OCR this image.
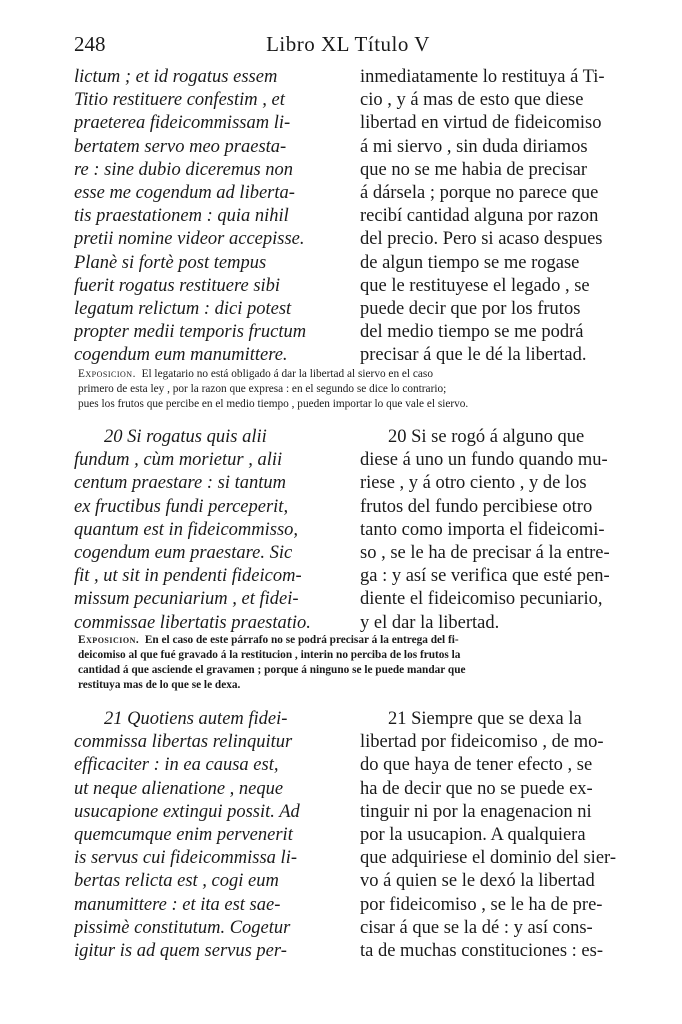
248	Libro XL Título V
lictum ; et id rogatus essem
Titio restituere confestim , et
praeterea fideicommissam li-
bertatem servo meo praesta-
re : sine dubio diceremus non
esse me cogendum ad liberta-
tis praestationem : quia nihil
pretii nomine videor accepisse.
Planè si fortè post tempus
fuerit rogatus restituere sibi
legatum relictum : dici potest
propter medii temporis fructum
cogendum eum manumittere.
inmediatamente lo restituya á Ti-
cio , y á mas de esto que diese
libertad en virtud de fideicomiso
á mi siervo , sin duda diriamos
que no se me habia de precisar
á dársela ; porque no parece que
recibí cantidad alguna por razon
del precio. Pero si acaso despues
de algun tiempo se me rogase
que le restituyese el legado , se
puede decir que por los frutos
del medio tiempo se me podrá
precisar á que le dé la libertad.
Exposicion. El legatario no está obligado á dar la libertad al siervo en el caso
primero de esta ley , por la razon que expresa : en el segundo se dice lo contrario;
pues los frutos que percibe en el medio tiempo , pueden importar lo que vale el siervo.
20 Si rogatus quis alii
fundum , cùm morietur , alii
centum praestare : si tantum
ex fructibus fundi perceperit,
quantum est in fideicommisso,
cogendum eum praestare. Sic
fit , ut sit in pendenti fideicom-
missum pecuniarium , et fidei-
commissae libertatis praestatio.
20 Si se rogó á alguno que
diese á uno un fundo quando mu-
riese , y á otro ciento , y de los
frutos del fundo percibiese otro
tanto como importa el fideicomi-
so , se le ha de precisar á la entre-
ga : y así se verifica que esté pen-
diente el fideicomiso pecuniario,
y el dar la libertad.
Exposicion. En el caso de este párrafo no se podrá precisar á la entrega del fi-
deicomiso al que fué gravado á la restitucion , interin no perciba de los frutos la
cantidad á que asciende el gravamen ; porque á ninguno se le puede mandar que
restituya mas de lo que se le dexa.
21 Quotiens autem fidei-
commissa libertas relinquitur
efficaciter : in ea causa est,
ut neque alienatione , neque
usucapione extingui possit. Ad
quemcumque enim pervenerit
is servus cui fideicommissa li-
bertas relicta est , cogi eum
manumittere : et ita est sae-
pissimè constitutum. Cogetur
igitur is ad quem servus per-
21 Siempre que se dexa la
libertad por fideicomiso , de mo-
do que haya de tener efecto , se
ha de decir que no se puede ex-
tinguir ni por la enagenacion ni
por la usucapion. A qualquiera
que adquiriese el dominio del sier-
vo á quien se le dexó la libertad
por fideicomiso , se le ha de pre-
cisar á que se la dé : y así cons-
ta de muchas constituciones : es-
